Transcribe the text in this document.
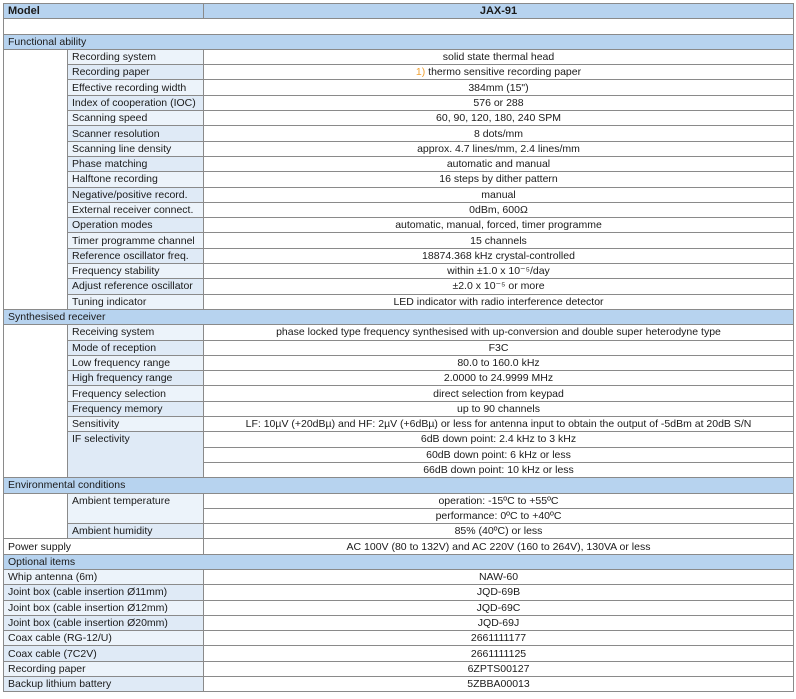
Model		JAX-91

Functional ability		
	Recording system	solid state thermal head
	Recording paper	1) thermo sensitive recording paper
	Effective recording width	384mm (15")
	Index of cooperation (IOC)	576 or 288
	Scanning speed	60, 90, 120, 180, 240 SPM
	Scanner resolution	8 dots/mm
	Scanning line density	approx. 4.7 lines/mm, 2.4 lines/mm
	Phase matching	automatic and manual
	Halftone recording	16 steps by dither pattern
	Negative/positive record.	manual
	External receiver connect.	0dBm, 600Ω
	Operation modes	automatic, manual, forced, timer programme
	Timer programme channel	15 channels
	Reference oscillator freq.	18874.368 kHz crystal-controlled
	Frequency stability	within ±1.0 x 10⁻⁵/day
	Adjust reference oscillator	±2.0 x 10⁻⁵ or more
	Tuning indicator	LED indicator with radio interference detector
Synthesised receiver		
	Receiving system	phase locked type frequency synthesised with up-conversion and double super heterodyne type
	Mode of reception	F3C
	Low frequency range	80.0 to 160.0 kHz
	High frequency range	2.0000 to 24.9999 MHz
	Frequency selection	direct selection from keypad
	Frequency memory	up to 90 channels
	Sensitivity	LF: 10µV (+20dBµ) and HF: 2µV (+6dBµ) or less for antenna input to obtain the output of -5dBm at 20dB S/N
	IF selectivity	6dB down point: 2.4 kHz to 3 kHz
		60dB down point: 6 kHz or less
		66dB down point: 10 kHz or less
Environmental conditions		
	Ambient temperature	operation: -15ºC to +55ºC
		performance: 0ºC to +40ºC
	Ambient humidity	85% (40ºC) or less
Power supply		AC 100V (80 to 132V) and AC 220V (160 to 264V), 130VA or less
Optional items		
Whip antenna (6m)		NAW-60
Joint box (cable insertion Ø11mm)		JQD-69B
Joint box (cable insertion Ø12mm)		JQD-69C
Joint box (cable insertion Ø20mm)		JQD-69J
Coax cable (RG-12/U)		2661111177
Coax cable (7C2V)		2661111125
Recording paper		6ZPTS00127
Backup lithium battery		5ZBBA00013
